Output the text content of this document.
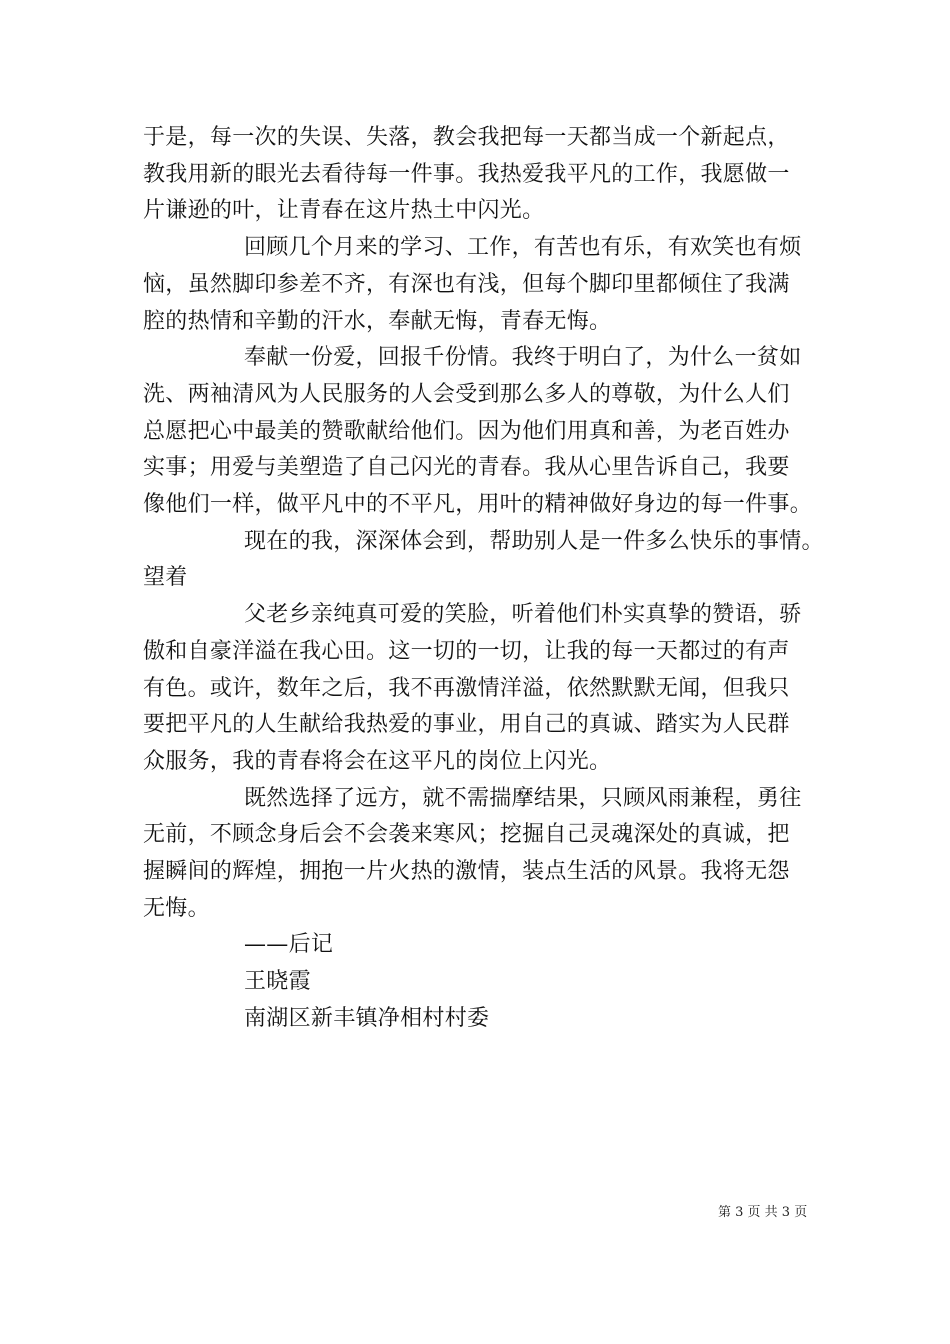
于是，每一次的失误、失落，教会我把每一天都当成一个新起点，
教我用新的眼光去看待每一件事。我热爱我平凡的工作，我愿做一
片谦逊的叶，让青春在这片热土中闪光。
回顾几个月来的学习、工作，有苦也有乐，有欢笑也有烦
恼，虽然脚印参差不齐，有深也有浅，但每个脚印里都倾住了我满
腔的热情和辛勤的汗水，奉献无悔，青春无悔。
奉献一份爱，回报千份情。我终于明白了，为什么一贫如
洗、两袖清风为人民服务的人会受到那么多人的尊敬，为什么人们
总愿把心中最美的赞歌献给他们。因为他们用真和善，为老百姓办
实事；用爱与美塑造了自己闪光的青春。我从心里告诉自己，我要
像他们一样，做平凡中的不平凡，用叶的精神做好身边的每一件事。
现在的我，深深体会到，帮助别人是一件多么快乐的事情。
望着
父老乡亲纯真可爱的笑脸，听着他们朴实真挚的赞语，骄
傲和自豪洋溢在我心田。这一切的一切，让我的每一天都过的有声
有色。或许，数年之后，我不再激情洋溢，依然默默无闻，但我只
要把平凡的人生献给我热爱的事业，用自己的真诚、踏实为人民群
众服务，我的青春将会在这平凡的岗位上闪光。
既然选择了远方，就不需揣摩结果，只顾风雨兼程，勇往
无前，不顾念身后会不会袭来寒风；挖掘自己灵魂深处的真诚，把
握瞬间的辉煌，拥抱一片火热的激情，装点生活的风景。我将无怨
无悔。
——后记
王晓霞
南湖区新丰镇净相村村委
第 3 页 共 3 页
